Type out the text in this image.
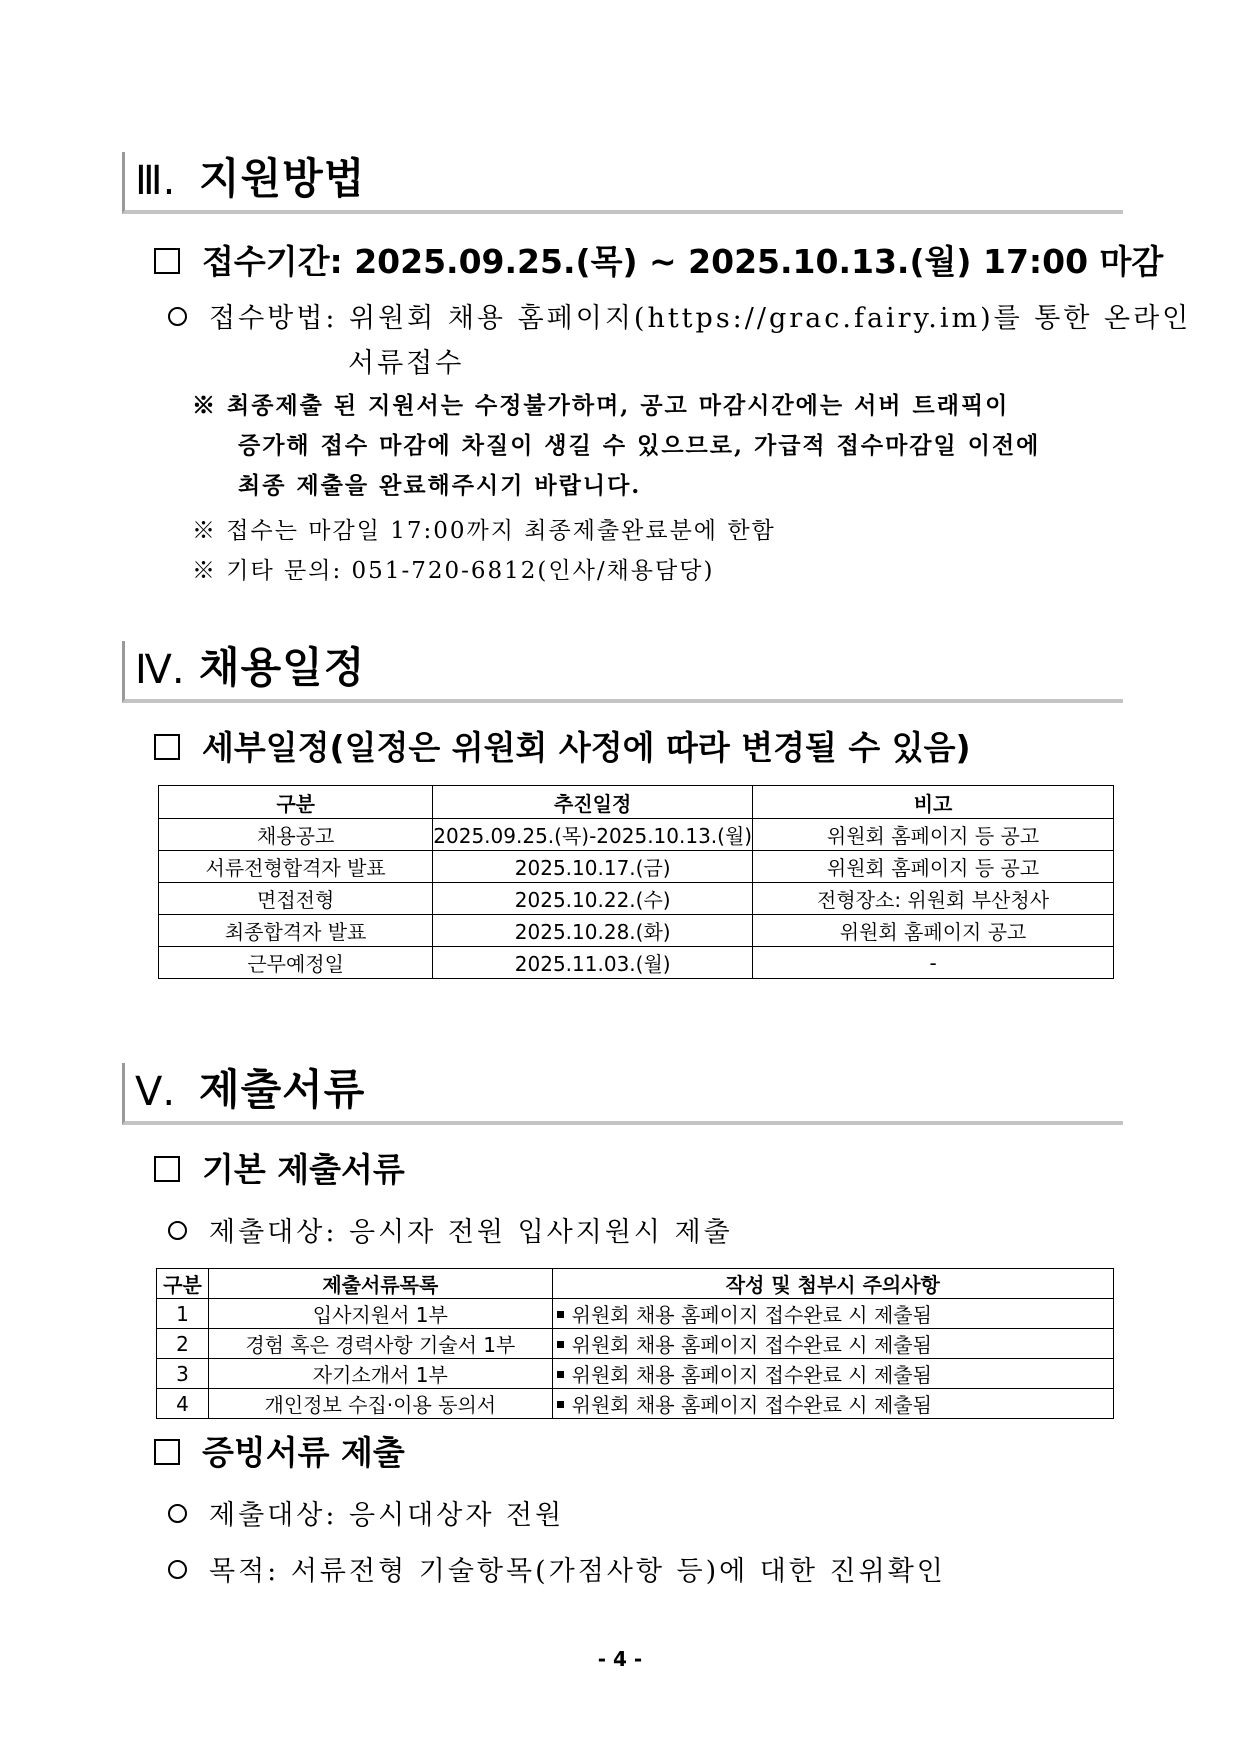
Ⅲ. 지원방법
접수기간: 2025.09.25.(목) ~ 2025.10.13.(월) 17:00 마감
접수방법: 위원회 채용 홈페이지(https://grac.fairy.im)를 통한 온라인
서류접수
※ 최종제출 된 지원서는 수정불가하며, 공고 마감시간에는 서버 트래픽이
증가해 접수 마감에 차질이 생길 수 있으므로, 가급적 접수마감일 이전에
최종 제출을 완료해주시기 바랍니다.
※ 접수는 마감일 17:00까지 최종제출완료분에 한함
※ 기타 문의: 051-720-6812(인사/채용담당)
Ⅳ. 채용일정
세부일정(일정은 위원회 사정에 따라 변경될 수 있음)
구분	추진일정	비고
채용공고	2025.09.25.(목)-2025.10.13.(월)	위원회 홈페이지 등 공고
서류전형합격자 발표	2025.10.17.(금)	위원회 홈페이지 등 공고
면접전형	2025.10.22.(수)	전형장소: 위원회 부산청사
최종합격자 발표	2025.10.28.(화)	위원회 홈페이지 공고
근무예정일	2025.11.03.(월)	-
Ⅴ. 제출서류
기본 제출서류
제출대상: 응시자 전원 입사지원시 제출
구분	제출서류목록	작성 및 첨부시 주의사항
1	입사지원서 1부	위원회 채용 홈페이지 접수완료 시 제출됨
2	경험 혹은 경력사항 기술서 1부	위원회 채용 홈페이지 접수완료 시 제출됨
3	자기소개서 1부	위원회 채용 홈페이지 접수완료 시 제출됨
4	개인정보 수집·이용 동의서	위원회 채용 홈페이지 접수완료 시 제출됨
증빙서류 제출
제출대상: 응시대상자 전원
목적: 서류전형 기술항목(가점사항 등)에 대한 진위확인
- 4 -
